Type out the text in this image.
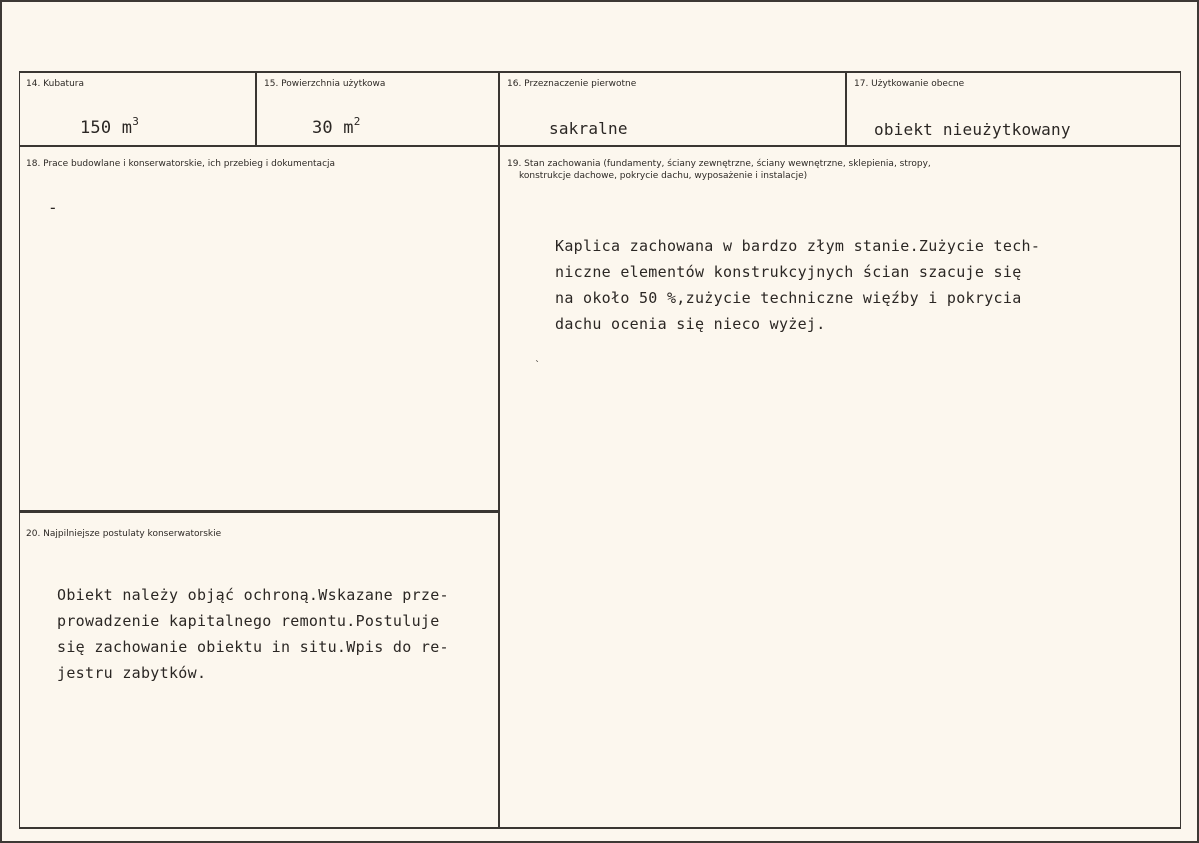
14. Kubatura
150 $m^3$
15. Powierzchnia użytkowa
30 $m^2$
16. Przeznaczenie pierwotne
sakralne
17. Użytkowanie obecne
obiekt nieużytkowany
18. Prace budowlane i konserwatorskie, ich przebieg i dokumentacja
-
19. Stan zachowania (fundamenty, ściany zewnętrzne, ściany wewnętrzne, sklepienia, stropy,
konstrukcje dachowe, pokrycie dachu, wyposażenie i instalacje)
Kaplica zachowana w bardzo złym stanie.Zużycie tech-
niczne elementów konstrukcyjnych ścian szacuje się
na około 50 %,zużycie techniczne więźby i pokrycia
dachu ocenia się nieco wyżej.
ˋ
20. Najpilniejsze postulaty konserwatorskie
Obiekt należy objąć ochroną.Wskazane prze-
prowadzenie kapitalnego remontu.Postuluje
się zachowanie obiektu in situ.Wpis do re-
jestru zabytków.
